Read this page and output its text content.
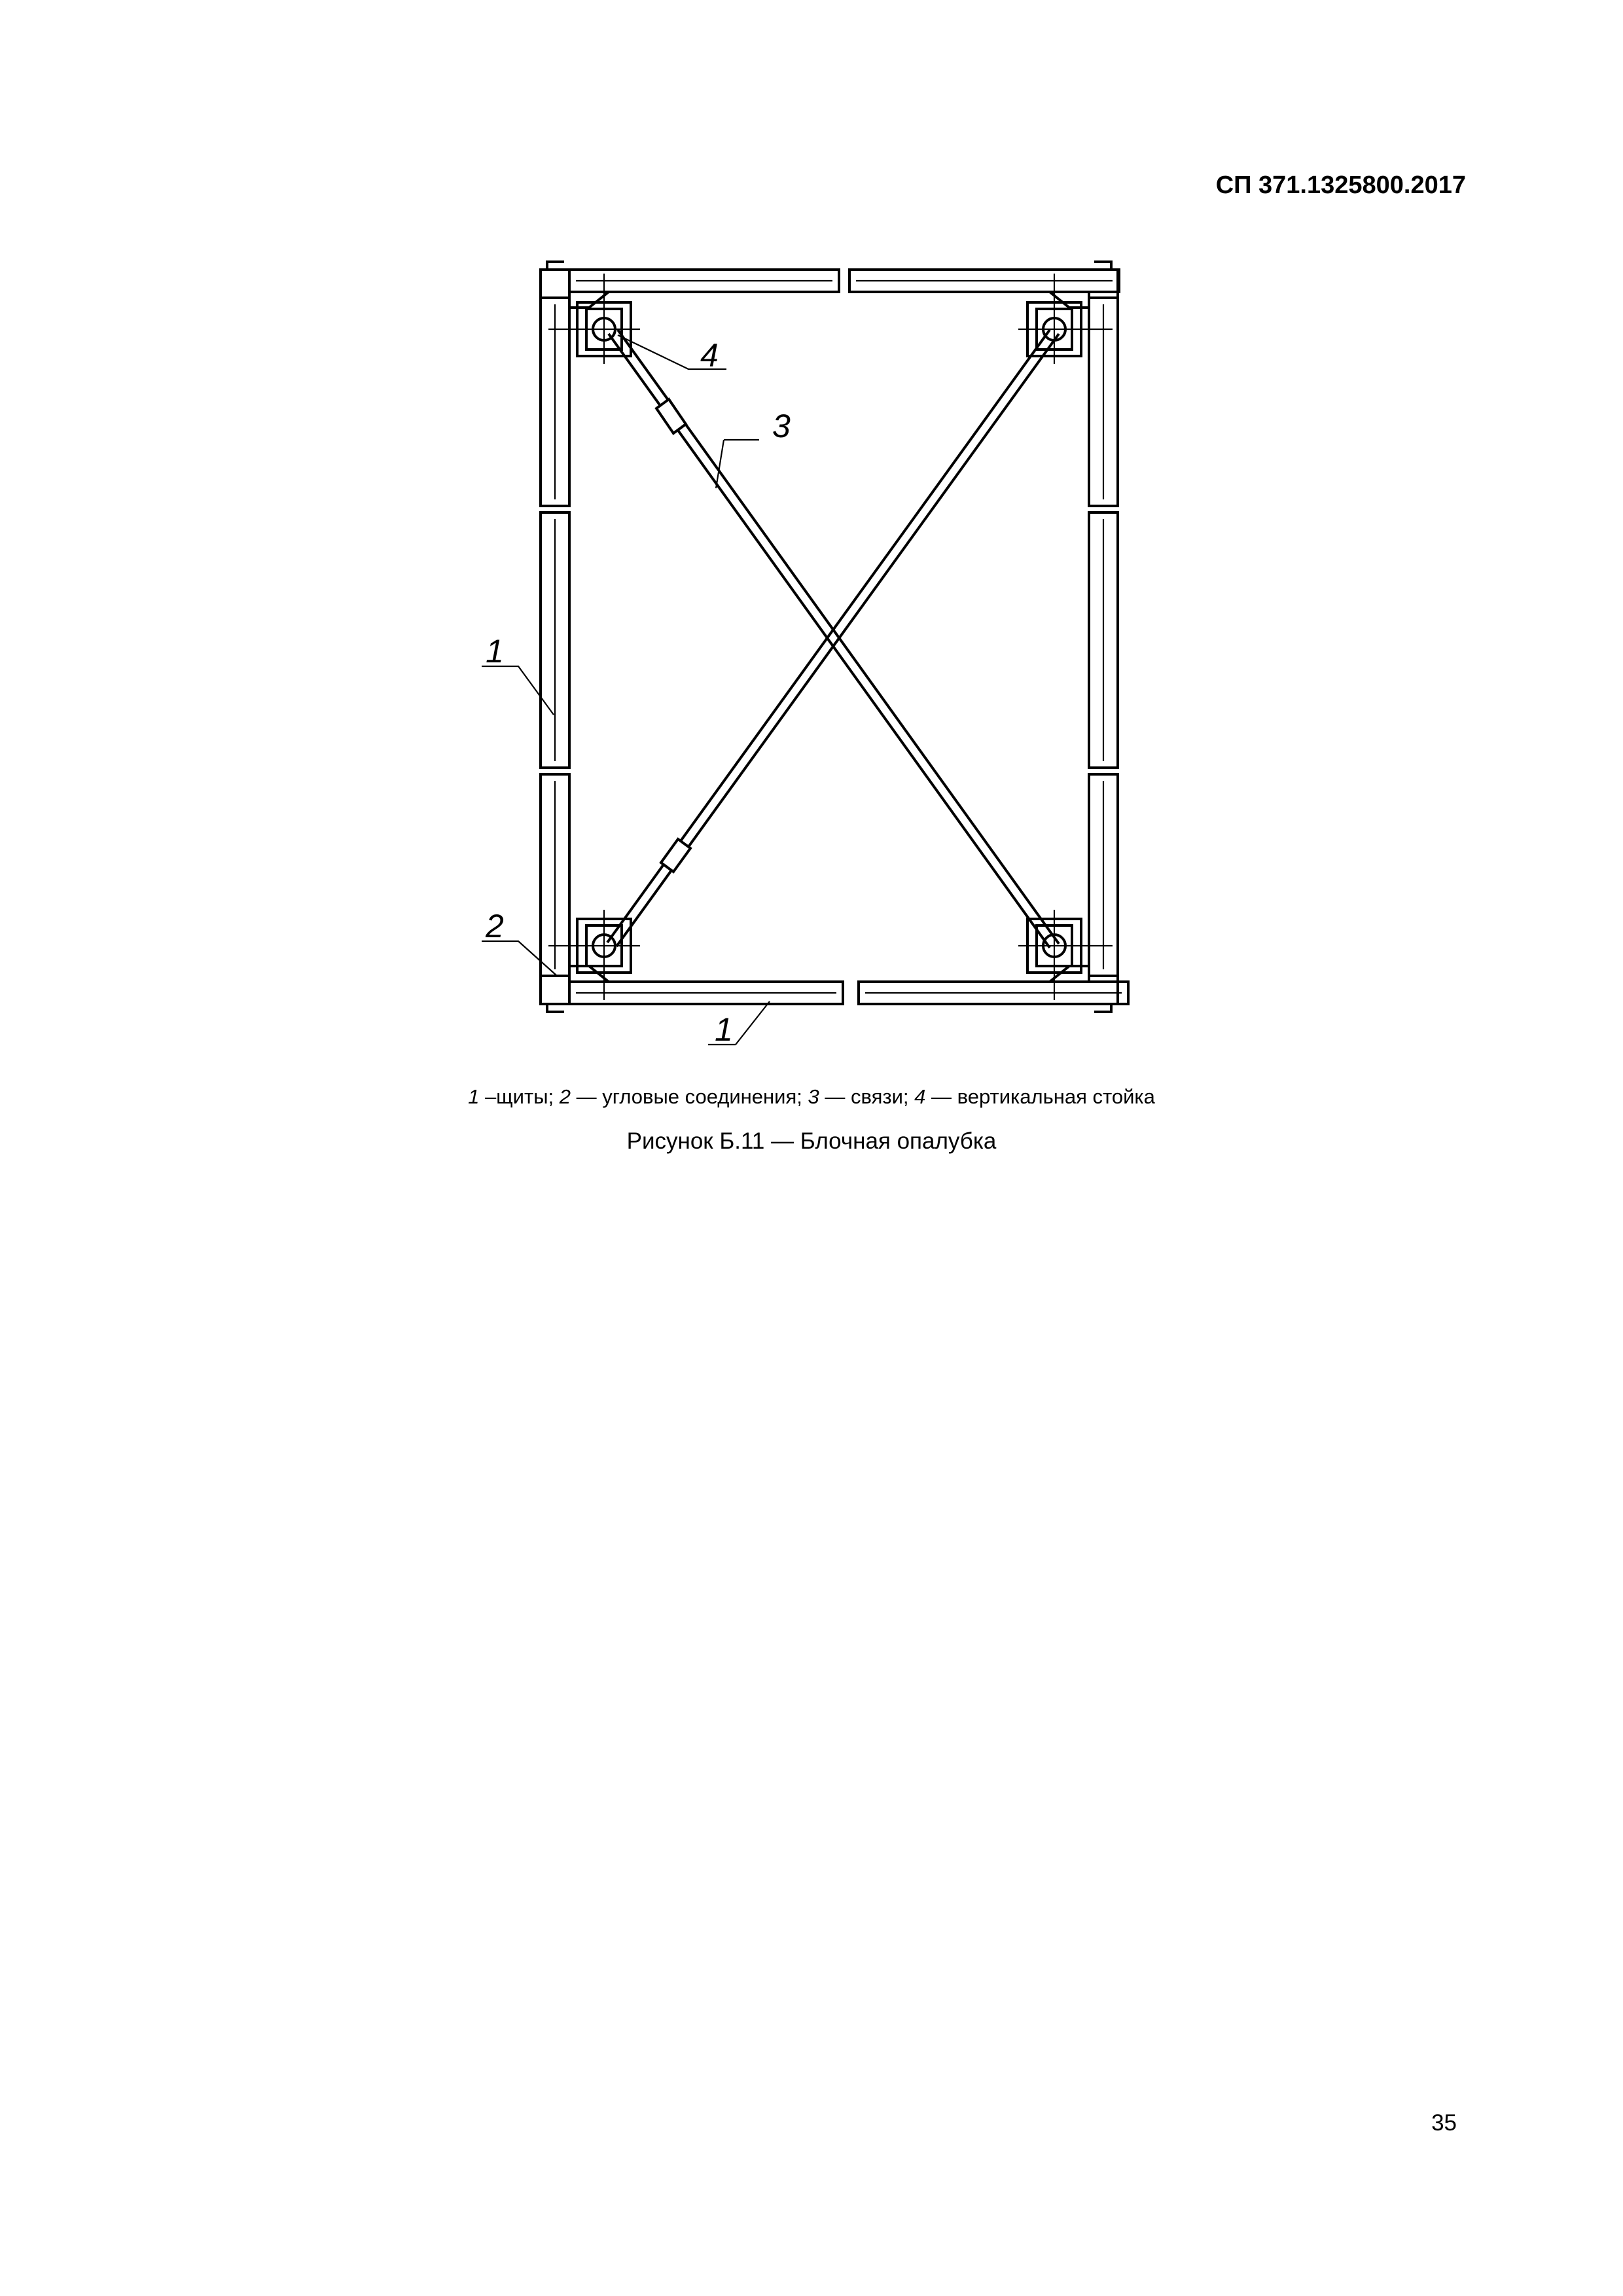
СП 371.1325800.2017
4
3
1
2
1
1 –щиты; 2 — угловые соединения; 3 — связи; 4 — вертикальная стойка
Рисунок Б.11 — Блочная опалубка
35
